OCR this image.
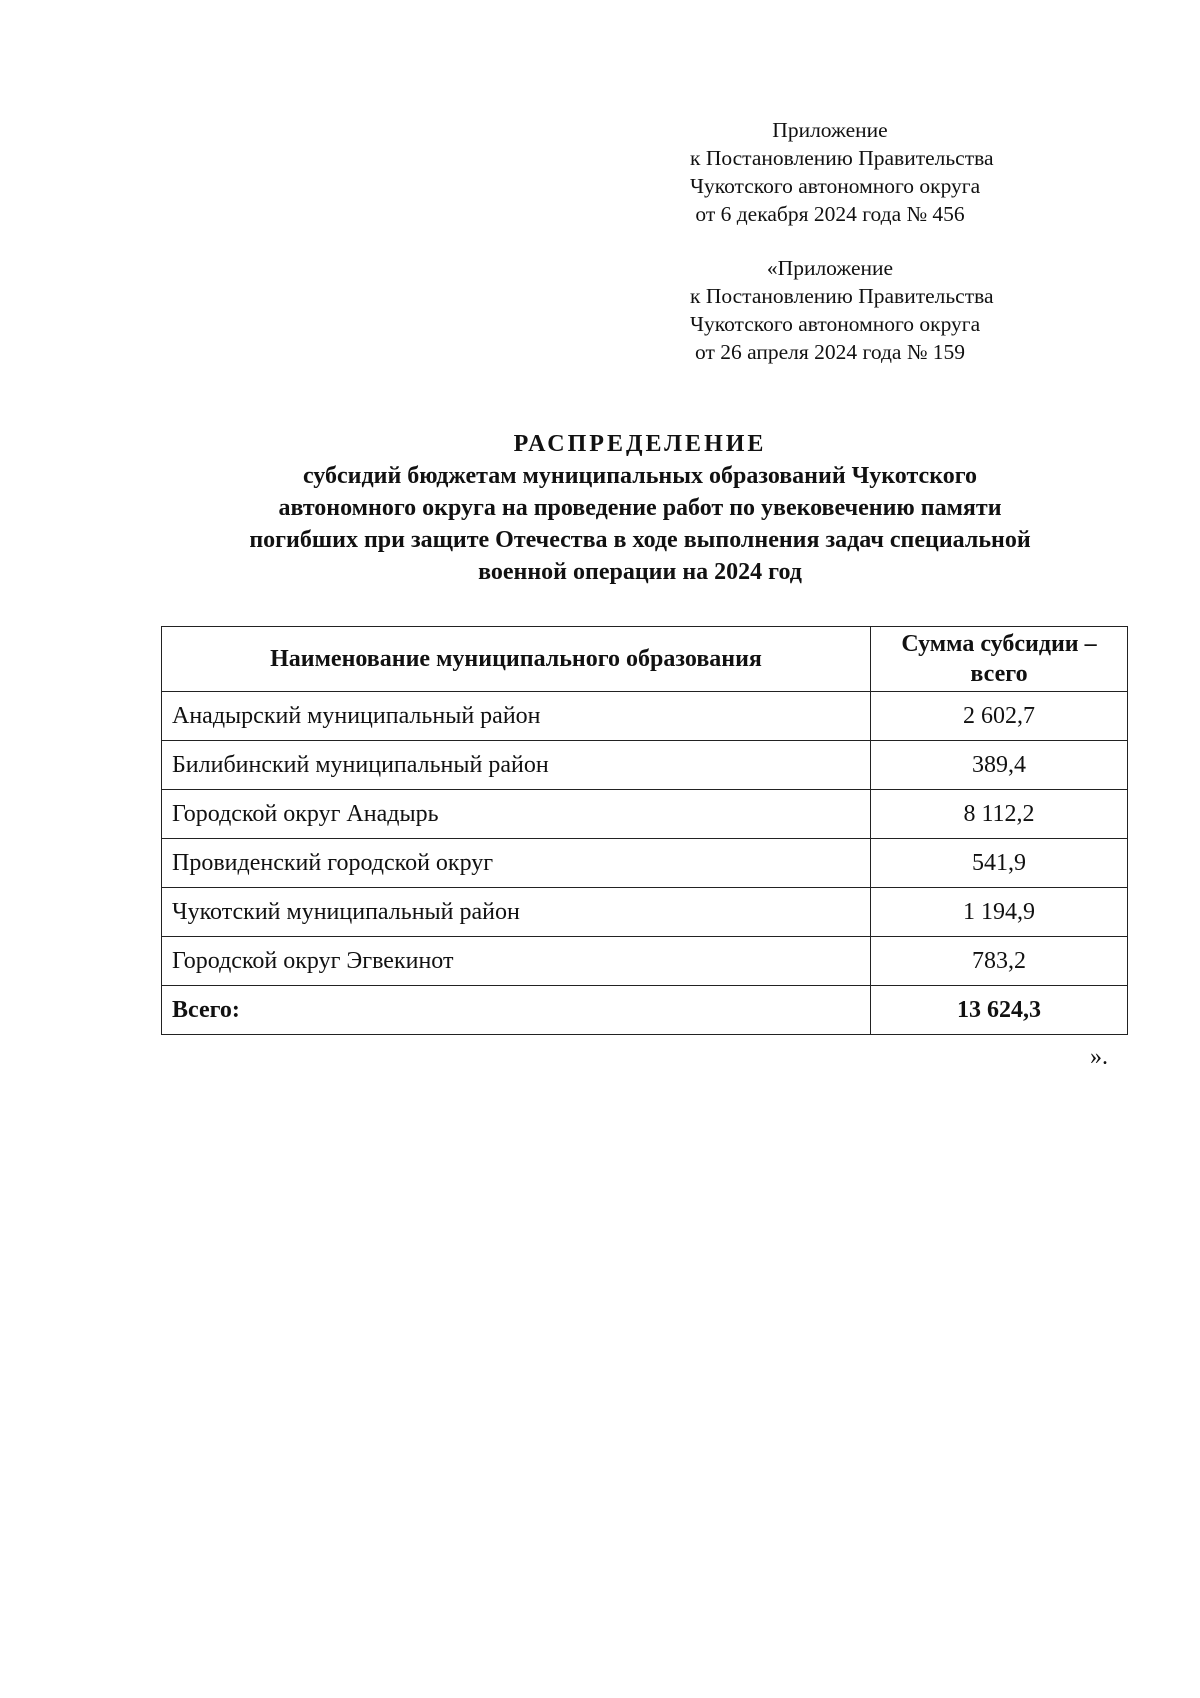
Приложение
к Постановлению Правительства
Чукотского автономного округа
от 6 декабря 2024 года № 456
«Приложение
к Постановлению Правительства
Чукотского автономного округа
от 26 апреля 2024 года № 159
РАСПРЕДЕЛЕНИЕ
субсидий бюджетам муниципальных образований Чукотского
автономного округа на проведение работ по увековечению памяти
погибших при защите Отечества в ходе выполнения задач специальной
военной операции на 2024 год
Наименование муниципального образования	Сумма субсидии –
всего

Анадырский муниципальный район	2 602,7
Билибинский муниципальный район	389,4
Городской округ Анадырь	8 112,2
Провиденский городской округ	541,9
Чукотский муниципальный район	1 194,9
Городской округ Эгвекинот	783,2
Всего:	13 624,3
».
